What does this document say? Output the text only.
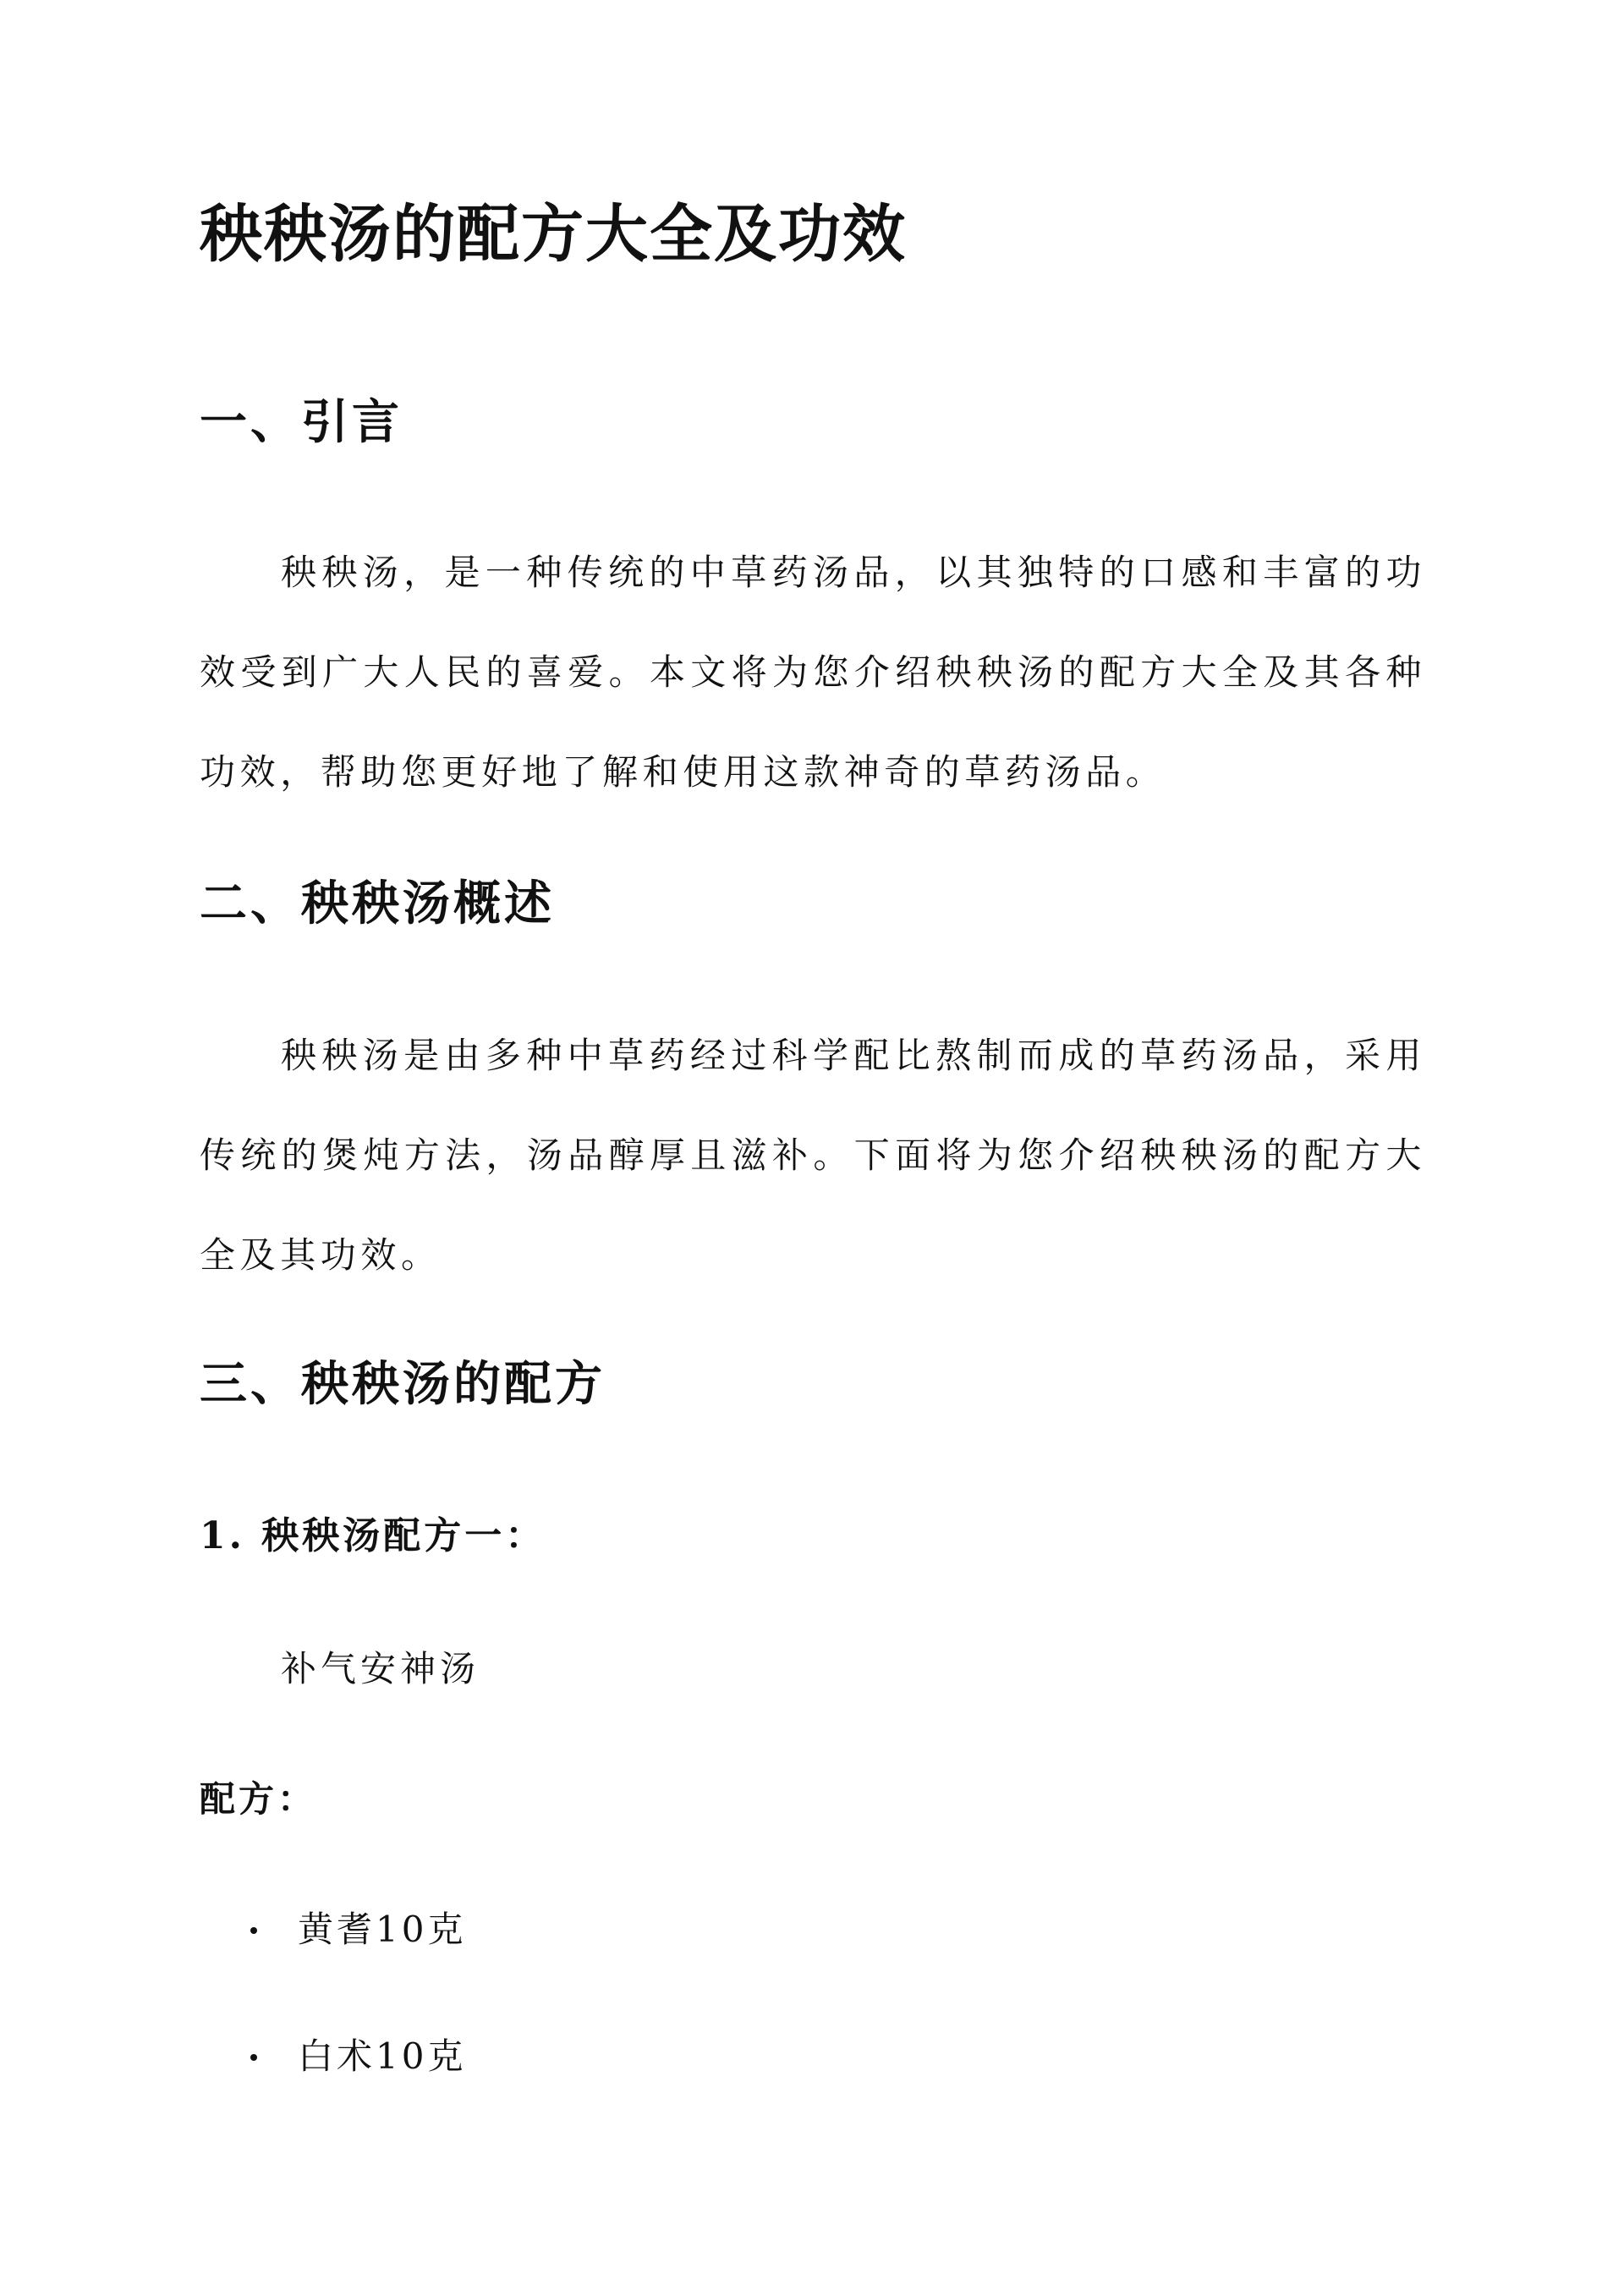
秧秧汤的配方大全及功效
一、引言

秧秧汤，是一种传统的中草药汤品，以其独特的口感和丰富的功效受到广大人民的喜爱。本文将为您介绍秧秧汤的配方大全及其各种功效，帮助您更好地了解和使用这款神奇的草药汤品。

二、秧秧汤概述

秧秧汤是由多种中草药经过科学配比熬制而成的草药汤品，采用传统的煲炖方法，汤品醇厚且滋补。下面将为您介绍秧秧汤的配方大全及其功效。

三、秧秧汤的配方
1. 秧秧汤配方一：

补气安神汤

配方：

黄耆10克
白术10克
